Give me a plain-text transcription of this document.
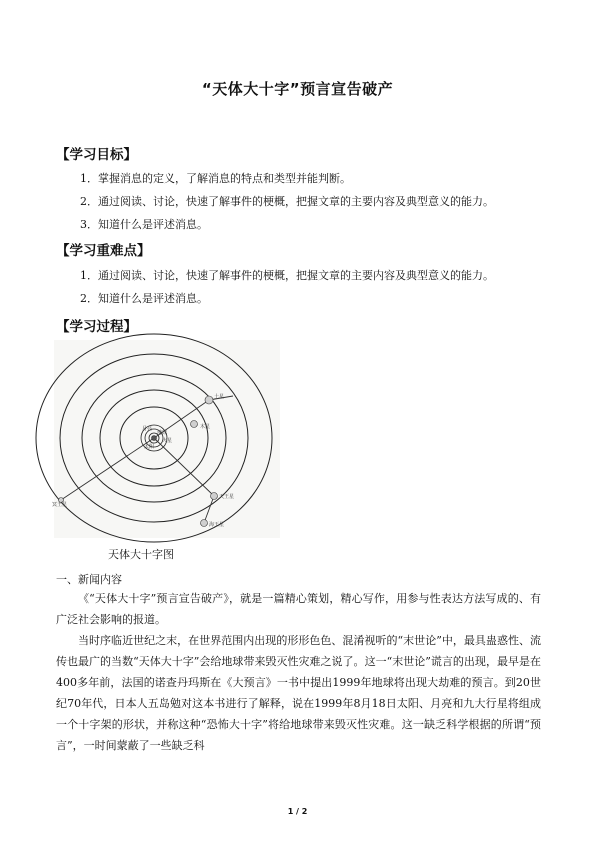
“天体大十字”预言宣告破产
【学习目标】
1．掌握消息的定义，了解消息的特点和类型并能判断。
2．通过阅读、讨论，快速了解事件的梗概，把握文章的主要内容及典型意义的能力。
3．知道什么是评述消息。
【学习重难点】
1．通过阅读、讨论，快速了解事件的梗概，把握文章的主要内容及典型意义的能力。
2．知道什么是评述消息。
【学习过程】
土星
木星
天王星
海王星
冥王星
地球
火星
太阳
月亮
天体大十字图
一、新闻内容

《“天体大十字”预言宣告破产》，就是一篇精心策划，精心写作，用参与性表达方法写成的、有广泛社会影响的报道。

当时序临近世纪之末，在世界范围内出现的形形色色、混淆视听的“末世论”中，最具蛊惑性、流传也最广的当数“天体大十字”会给地球带来毁灭性灾难之说了。这一“末世论”谎言的出现，最早是在400多年前，法国的诺查丹玛斯在《大预言》一书中提出1999年地球将出现大劫难的预言。到20世纪70年代，日本人五岛勉对这本书进行了解释，说在1999年8月18日太阳、月亮和九大行星将组成一个十字架的形状，并称这种“恐怖大十字”将给地球带来毁灭性灾难。这一缺乏科学根据的所谓“预言”，一时间蒙蔽了一些缺乏科

1 / 2
